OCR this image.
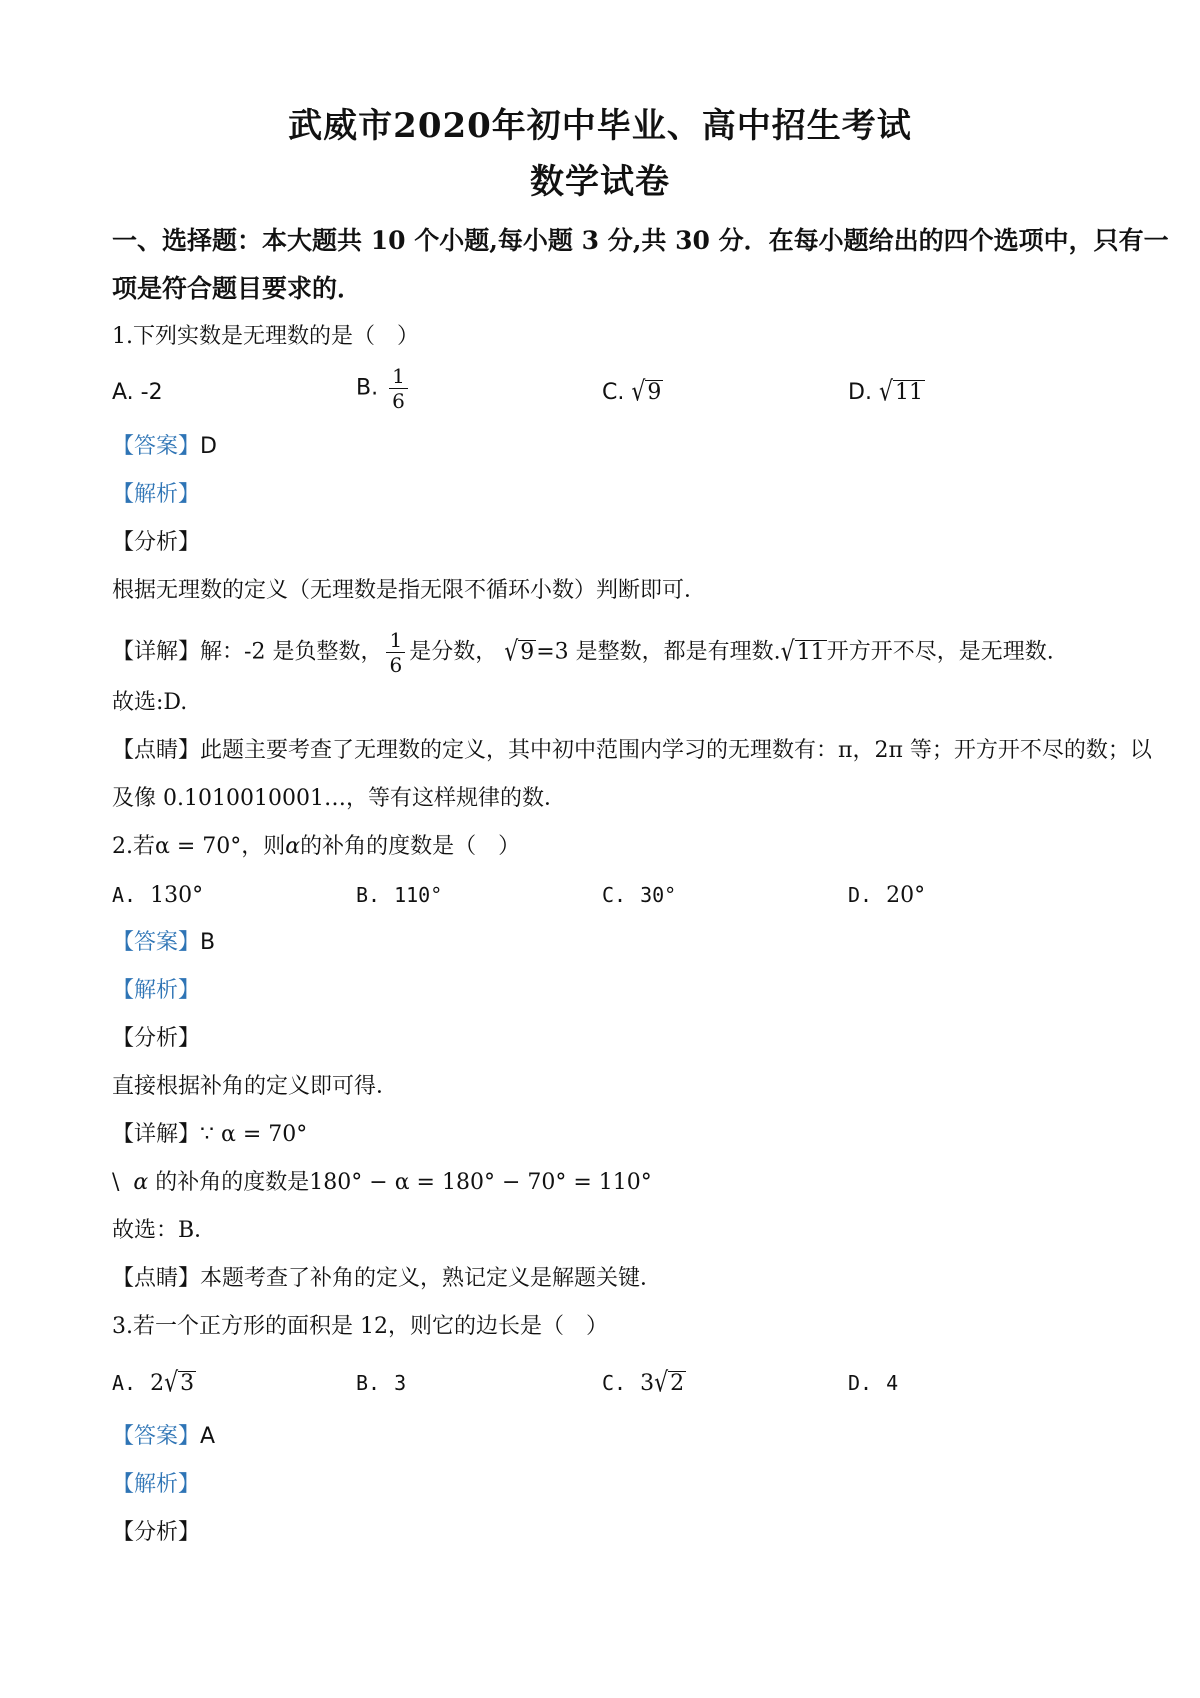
武威市2020年初中毕业、高中招生考试
数学试卷
一、选择题：本大题共 10 个小题,每小题 3 分,共 30 分．在每小题给出的四个选项中，只有一
项是符合题目要求的．
1.下列实数是无理数的是（　）
A. -2	B. $\frac{1}{6}$	C. √9	D. √11
【答案】D
【解析】
【分析】
根据无理数的定义（无理数是指无限不循环小数）判断即可．
【详解】解：-2 是负整数， $\frac{1}{6}$ 是分数， √9=3 是整数，都是有理数.√11开方开不尽，是无理数.
故选:D.
【点睛】此题主要考查了无理数的定义，其中初中范围内学习的无理数有：π，2π 等；开方开不尽的数；以
及像 0.1010010001…，等有这样规律的数．
2.若α = 70°，则α的补角的度数是（　）
A. 130°	B. 110°	C. 30°	D. 20°
【答案】B
【解析】
【分析】
直接根据补角的定义即可得．
【详解】∵ α = 70°
\ α 的补角的度数是180° − α = 180° − 70° = 110°
故选：B．
【点睛】本题考查了补角的定义，熟记定义是解题关键．
3.若一个正方形的面积是 12，则它的边长是（　）
A. 2√3	B. 3	C. 3√2	D. 4
【答案】A
【解析】
【分析】
